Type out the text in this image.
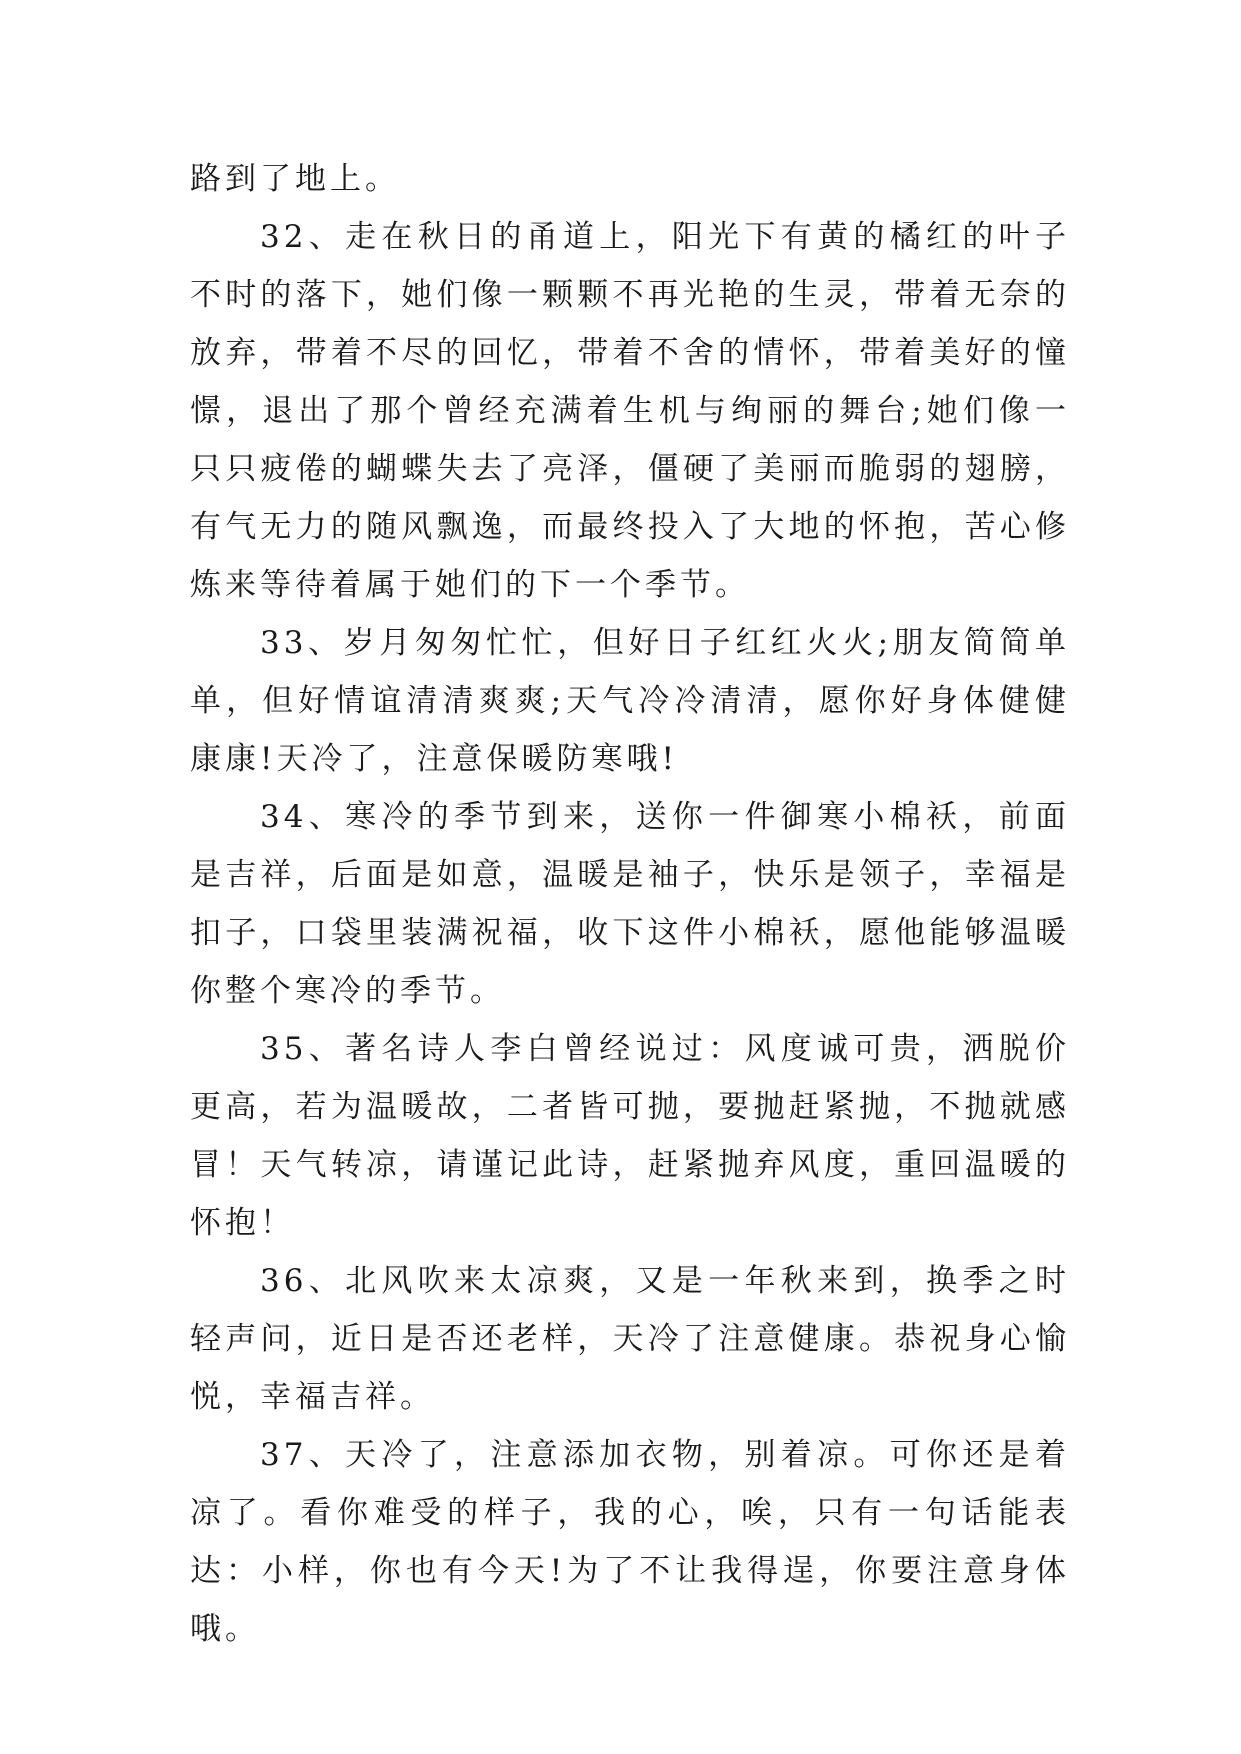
路到了地上。

32、走在秋日的甬道上，阳光下有黄的橘红的叶子不时的落下，她们像一颗颗不再光艳的生灵，带着无奈的放弃，带着不尽的回忆，带着不舍的情怀，带着美好的憧憬，退出了那个曾经充满着生机与绚丽的舞台;她们像一只只疲倦的蝴蝶失去了亮泽，僵硬了美丽而脆弱的翅膀，有气无力的随风飘逸，而最终投入了大地的怀抱，苦心修炼来等待着属于她们的下一个季节。

33、岁月匆匆忙忙，但好日子红红火火;朋友简简单单，但好情谊清清爽爽;天气冷冷清清，愿你好身体健健康康!天冷了，注意保暖防寒哦!

34、寒冷的季节到来，送你一件御寒小棉袄，前面是吉祥，后面是如意，温暖是袖子，快乐是领子，幸福是扣子，口袋里装满祝福，收下这件小棉袄，愿他能够温暖你整个寒冷的季节。

35、著名诗人李白曾经说过：风度诚可贵，洒脱价更高，若为温暖故，二者皆可抛，要抛赶紧抛，不抛就感冒！天气转凉，请谨记此诗，赶紧抛弃风度，重回温暖的怀抱！

36、北风吹来太凉爽，又是一年秋来到，换季之时轻声问，近日是否还老样，天冷了注意健康。恭祝身心愉悦，幸福吉祥。

37、天冷了，注意添加衣物，别着凉。可你还是着凉了。看你难受的样子，我的心，唉，只有一句话能表达：小样，你也有今天!为了不让我得逞，你要注意身体哦。
